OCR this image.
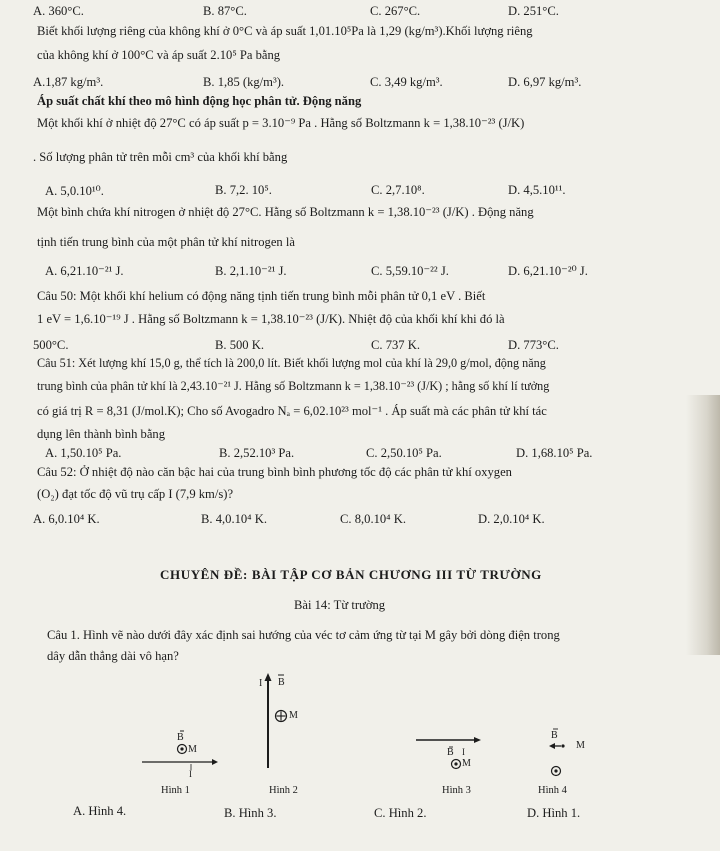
A. 360°C.	B. 87°C.	C. 267°C.	D. 251°C.
Biết khối lượng riêng của không khí ở 0°C và áp suất 1,01.10⁵Pa là 1,29 (kg/m³).Khối lượng riêng
của không khí ở 100°C và áp suất 2.10⁵ Pa bằng
A.1,87 kg/m³.	B. 1,85 (kg/m³).	C. 3,49 kg/m³.	D. 6,97 kg/m³.
Áp suất chất khí theo mô hình động học phân tử. Động năng
Một khối khí ở nhiệt độ 27°C có áp suất p = 3.10⁻⁹ Pa . Hằng số Boltzmann k = 1,38.10⁻²³ (J/K)
. Số lượng phân tử trên mỗi cm³ của khối khí bằng
A. 5,0.10¹⁰.	B. 7,2. 10⁵.	C. 2,7.10⁸.	D. 4,5.10¹¹.
Một bình chứa khí nitrogen ở nhiệt độ 27°C. Hằng số Boltzmann k = 1,38.10⁻²³ (J/K) . Động năng
tịnh tiến trung bình của một phân tử khí nitrogen là
A. 6,21.10⁻²¹ J.	B. 2,1.10⁻²¹ J.	C. 5,59.10⁻²² J.	D. 6,21.10⁻²⁰ J.
Câu 50: Một khối khí helium có động năng tịnh tiến trung bình mỗi phân tử 0,1 eV . Biết
1 eV = 1,6.10⁻¹⁹ J . Hằng số Boltzmann k = 1,38.10⁻²³ (J/K). Nhiệt độ của khối khí khi đó là
500°C.	B. 500 K.	C. 737 K.	D. 773°C.
Câu 51: Xét lượng khí 15,0 g, thể tích là 200,0 lít. Biết khối lượng mol của khí là 29,0 g/mol, động năng
trung bình của phân tử khí là 2,43.10⁻²¹ J. Hằng số Boltzmann k = 1,38.10⁻²³ (J/K) ; hằng số khí lí tưởng
có giá trị R = 8,31 (J/mol.K); Cho số Avogadro Nₐ = 6,02.10²³ mol⁻¹ . Áp suất mà các phân tử khí tác
dụng lên thành bình bằng
A. 1,50.10⁵ Pa.	B. 2,52.10³ Pa.	C. 2,50.10⁵ Pa.	D. 1,68.10⁵ Pa.
Câu 52: Ở nhiệt độ nào căn bậc hai của trung bình bình phương tốc độ các phân tử khí oxygen
(O₂) đạt tốc độ vũ trụ cấp I (7,9 km/s)?
A. 6,0.10⁴ K.	B. 4,0.10⁴ K.	C. 8,0.10⁴ K.	D. 2,0.10⁴ K.
CHUYÊN ĐỀ: BÀI TẬP CƠ BẢN CHƯƠNG III TỪ TRƯỜNG
Bài 14: Từ trường
Câu 1. Hình vẽ nào dưới đây xác định sai hướng của véc tơ cảm ứng từ tại M gây bởi dòng điện trong
dây dẫn thẳng dài vô hạn?
B
M
I
Hình 1
I B
M
Hình 2
B I
M
Hình 3
B
M
Hình 4
A. Hình 4.	B. Hình 3.	C. Hình 2.	D. Hình 1.
